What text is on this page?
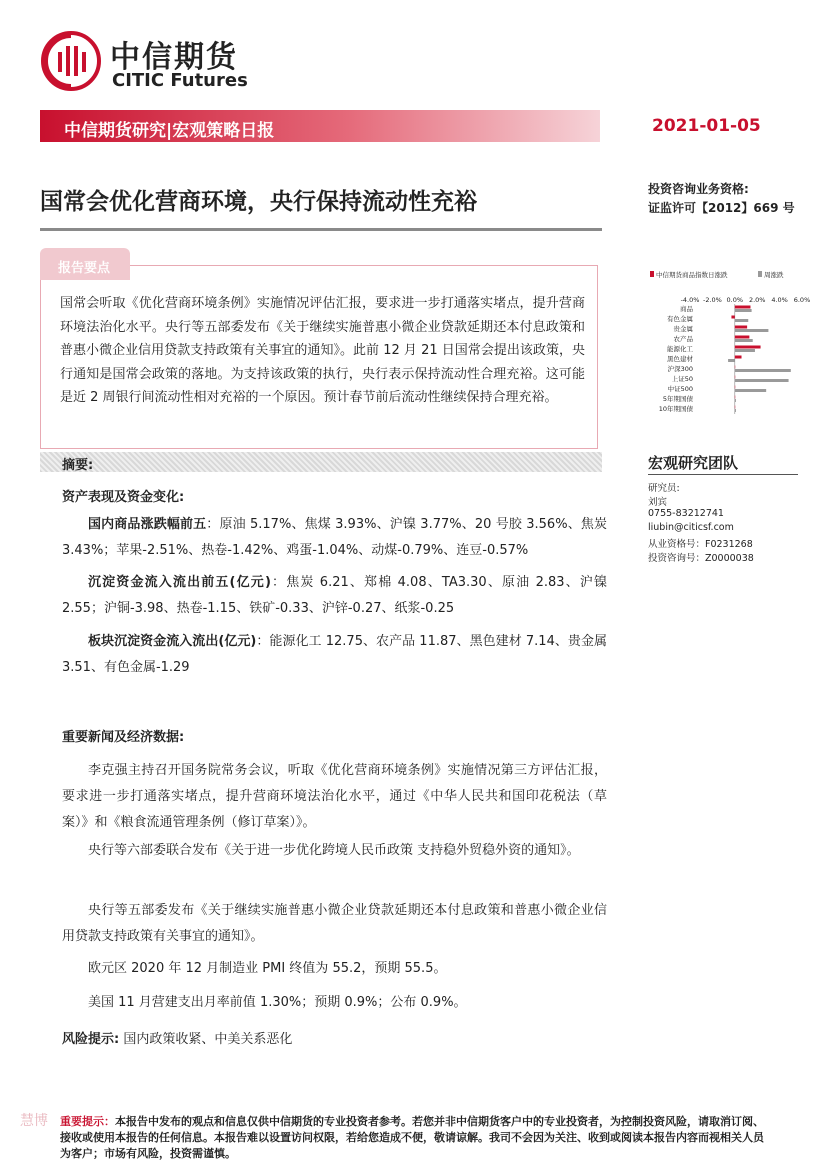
中信期货
CITIC Futures
中信期货研究|宏观策略日报	2021-01-05
国常会优化营商环境，央行保持流动性充裕	投资咨询业务资格:
证监许可【2012】669 号
报告要点
国常会听取《优化营商环境条例》实施情况评估汇报，要求进一步打通落实堵点，提升营商环境法治化水平。央行等五部委发布《关于继续实施普惠小微企业贷款延期还本付息政策和普惠小微企业信用贷款支持政策有关事宜的通知》。此前 12 月 21 日国常会提出该政策，央行通知是国常会政策的落地。为支持该政策的执行，央行表示保持流动性合理充裕。这可能是近 2 周银行间流动性相对充裕的一个原因。预计春节前后流动性继续保持合理充裕。
中信期货商品指数日涨跌	周涨跌
-4.0% -2.0% 0.0% 2.0% 4.0% 6.0%
商品
有色金属
贵金属
农产品
能源化工
黑色建材
沪深300
上证50
中证500
5年期国债
10年期国债
摘要:
资产表现及资金变化:
国内商品涨跌幅前五：原油 5.17%、焦煤 3.93%、沪镍 3.77%、20 号胶 3.56%、焦炭 3.43%；苹果-2.51%、热卷-1.42%、鸡蛋-1.04%、动煤-0.79%、连豆-0.57%
沉淀资金流入流出前五(亿元)：焦炭 6.21、郑棉 4.08、TA3.30、原油 2.83、沪镍 2.55；沪铜-3.98、热卷-1.15、铁矿-0.33、沪锌-0.27、纸浆-0.25
板块沉淀资金流入流出(亿元)：能源化工 12.75、农产品 11.87、黑色建材 7.14、贵金属 3.51、有色金属-1.29
重要新闻及经济数据:
李克强主持召开国务院常务会议，听取《优化营商环境条例》实施情况第三方评估汇报，要求进一步打通落实堵点，提升营商环境法治化水平，通过《中华人民共和国印花税法（草案）》和《粮食流通管理条例（修订草案）》。
央行等六部委联合发布《关于进一步优化跨境人民币政策 支持稳外贸稳外资的通知》。
央行等五部委发布《关于继续实施普惠小微企业贷款延期还本付息政策和普惠小微企业信用贷款支持政策有关事宜的通知》。
欧元区 2020 年 12 月制造业 PMI 终值为 55.2，预期 55.5。
美国 11 月营建支出月率前值 1.30%；预期 0.9%；公布 0.9%。
风险提示: 国内政策收紧、中美关系恶化
宏观研究团队
研究员:
刘宾
0755-83212741
liubin@citicsf.com
从业资格号：F0231268
投资咨询号：Z0000038
慧博 重要提示：本报告中发布的观点和信息仅供中信期货的专业投资者参考。若您并非中信期货客户中的专业投资者，为控制投资风险，请取消订阅、接收或使用本报告的任何信息。本报告难以设置访问权限，若给您造成不便，敬请谅解。我司不会因为关注、收到或阅读本报告内容而视相关人员为客户；市场有风险，投资需谨慎。
